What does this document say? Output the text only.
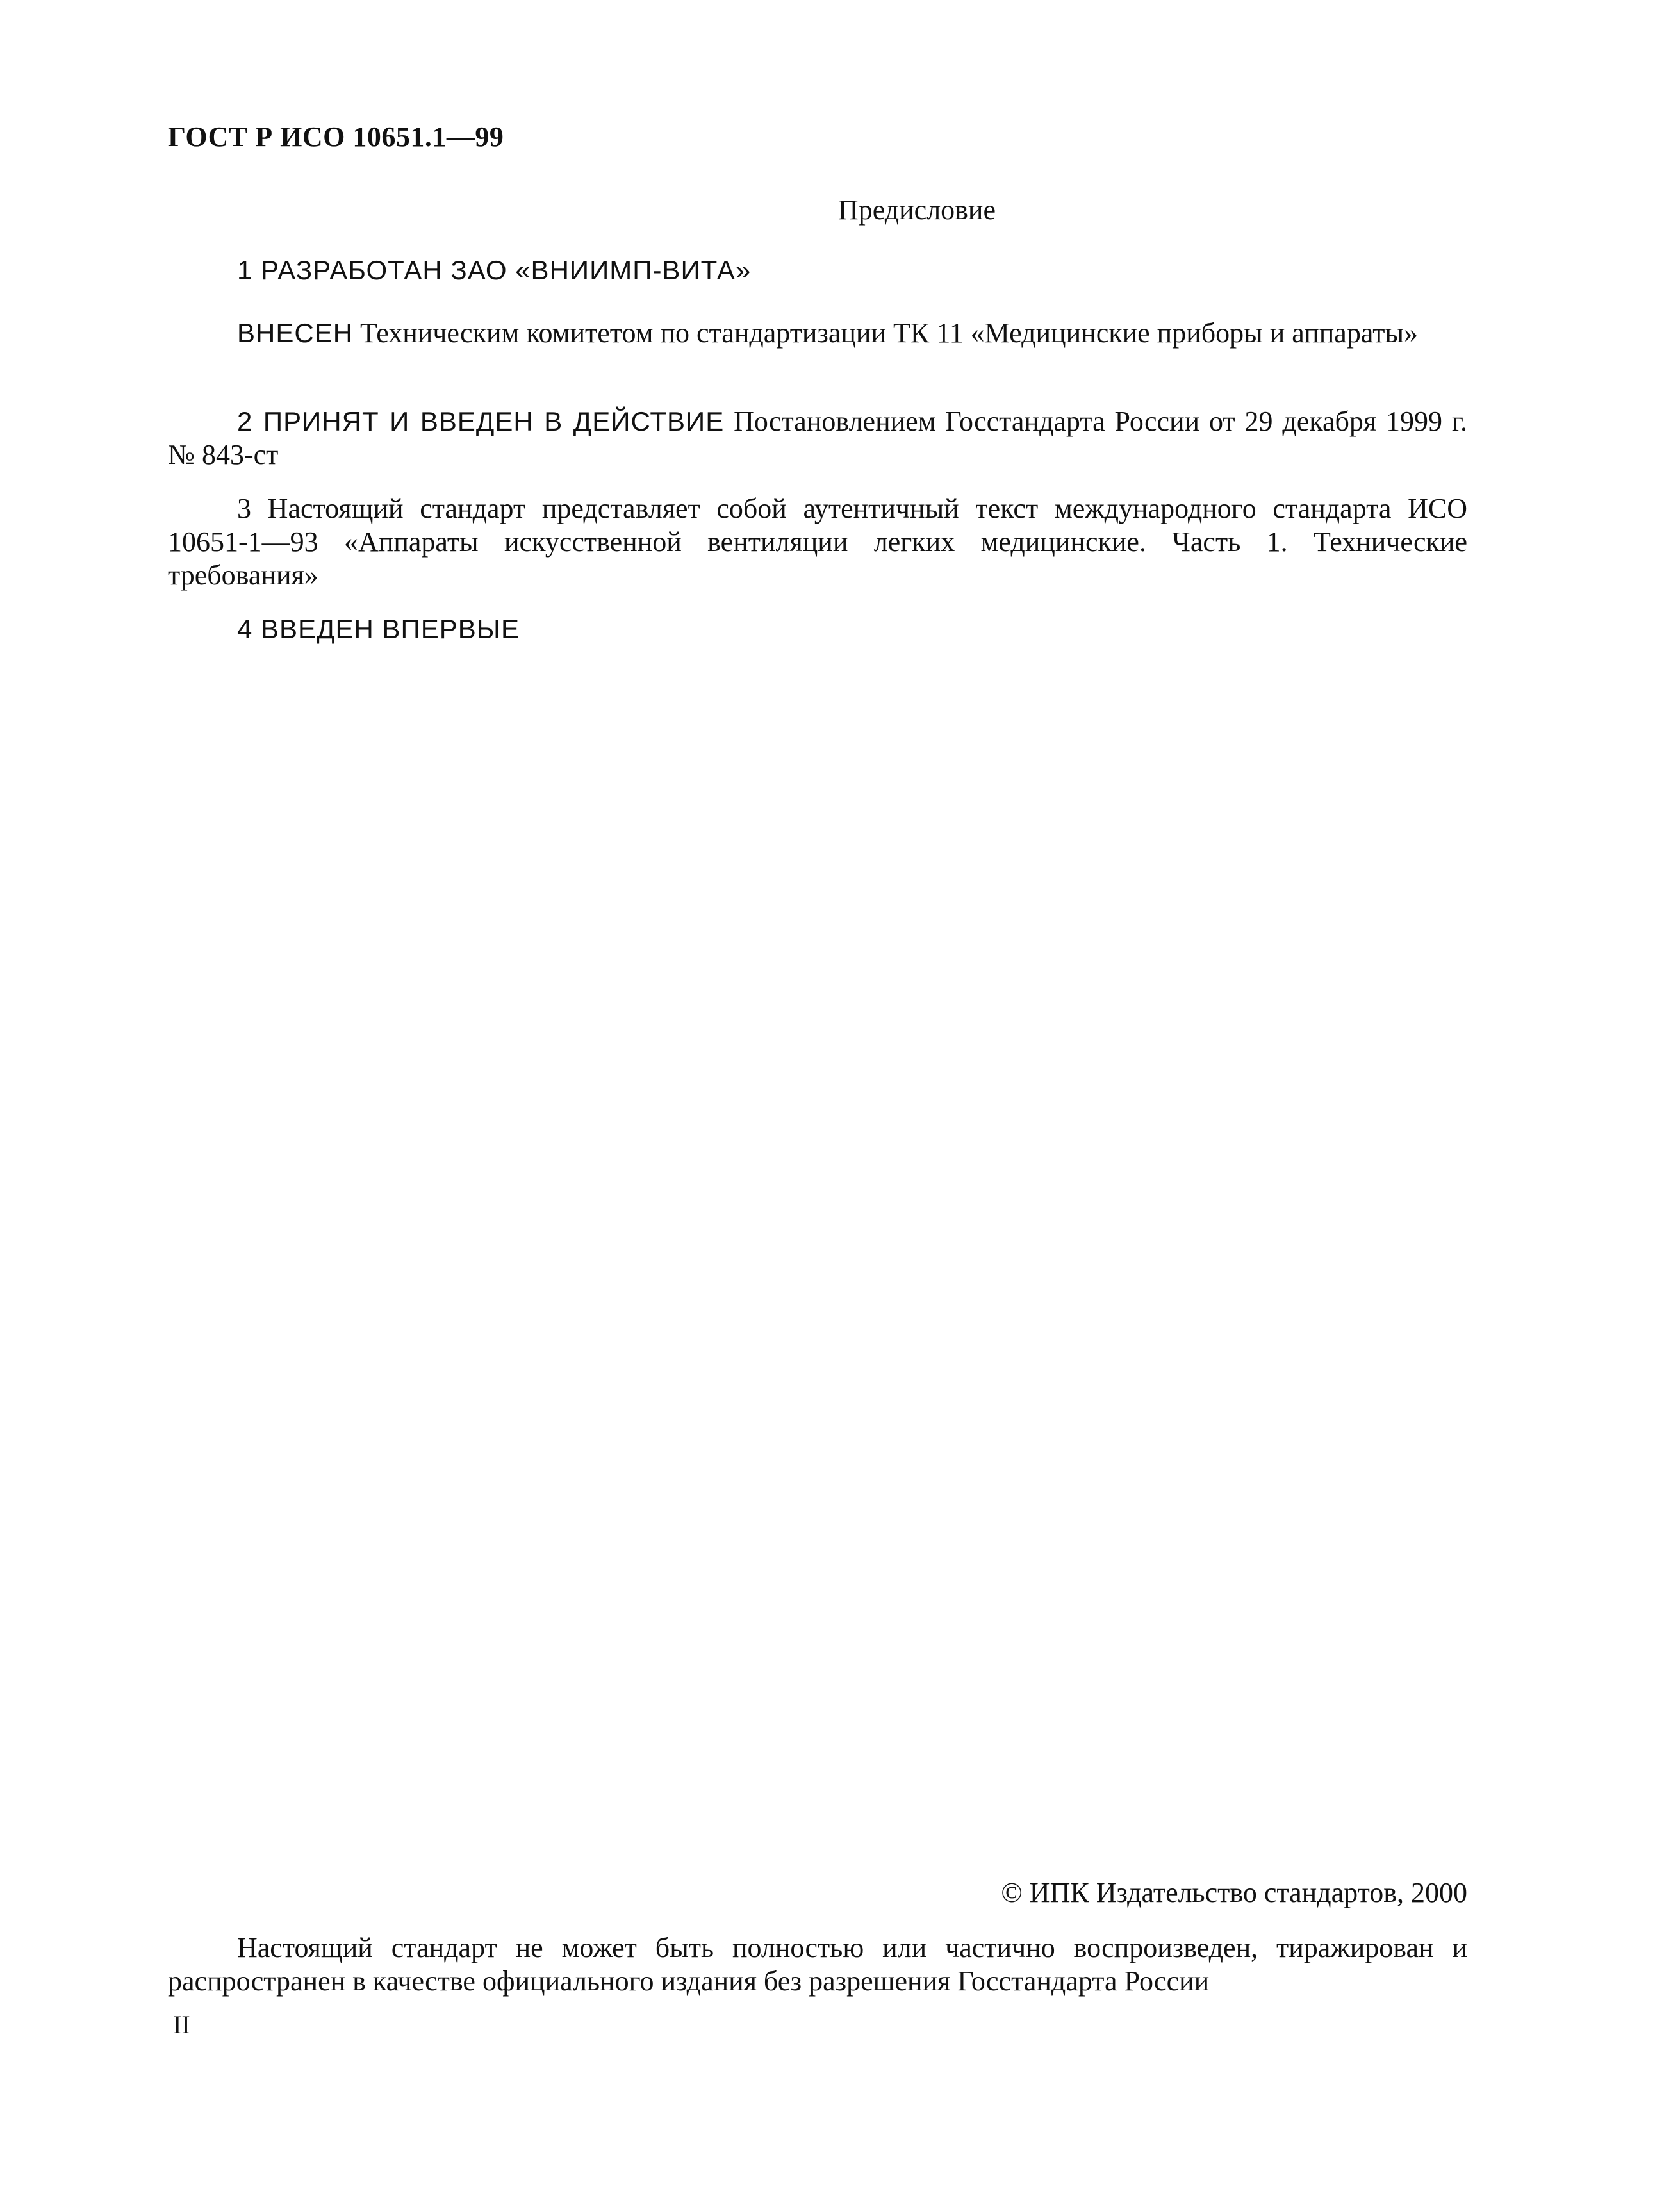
ГОСТ Р ИСО 10651.1—99
Предисловие

1 РАЗРАБОТАН ЗАО «ВНИИМП-ВИТА»

ВНЕСЕН Техническим комитетом по стандартизации ТК 11 «Медицинские приборы и аппараты»

2 ПРИНЯТ И ВВЕДЕН В ДЕЙСТВИЕ Постановлением Госстандарта России от 29 декабря 1999 г. № 843-ст

3 Настоящий стандарт представляет собой аутентичный текст международного стандарта ИСО 10651-1—93 «Аппараты искусственной вентиляции легких медицинские. Часть 1. Технические требования»

4 ВВЕДЕН ВПЕРВЫЕ

© ИПК Издательство стандартов, 2000

Настоящий стандарт не может быть полностью или частично воспроизведен, тиражирован и распространен в качестве официального издания без разрешения Госстандарта России

II
